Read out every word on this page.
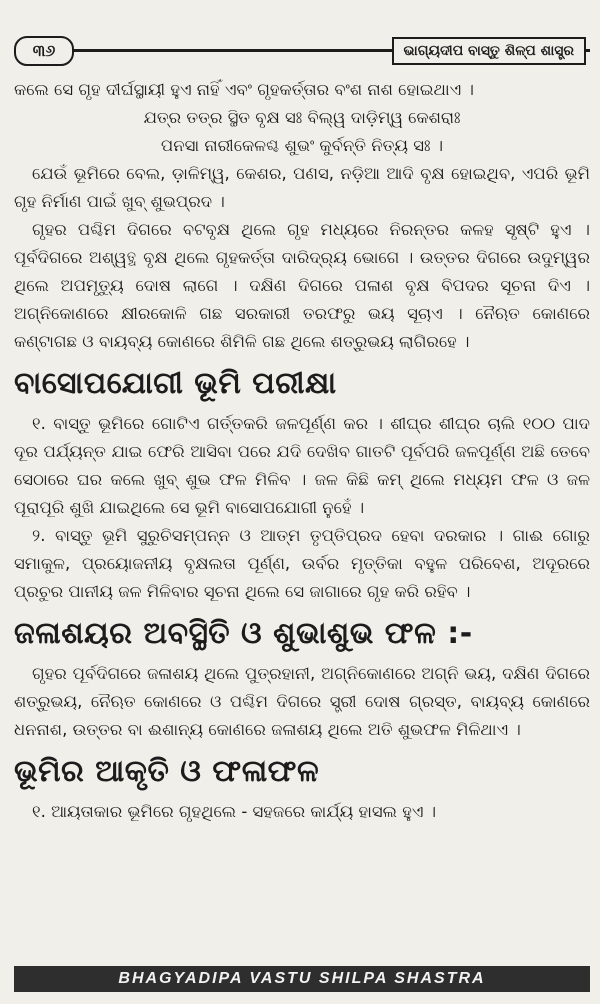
୩୬	ଭାଗ୍ୟଦୀପ ବାସ୍ତୁ ଶିଳ୍ପ ଶାସ୍ତ୍ର

କଲେ ସେ ଗୃହ ଦୀର୍ଘସ୍ଥାୟୀ ହୁଏ ନାହିଁ ଏବଂ ଗୃହକର୍ତ୍ତାର ବଂଶ ନାଶ ହୋଇଥାଏ ।

ଯତ୍ର ତତ୍ର ସ୍ଥିତ ବୃକ୍ଷ ସଃ ବିଲ୍ୱ ଦାଡ଼ିମ୍ୱ କେଶରାଃ

ପନସା ନାରୀକେଳଶ୍ଚ ଶୁଭଂ କୁର୍ବନ୍ତି ନିତ୍ୟ ସଃ ।

ଯେଉଁ ଭୂମିରେ ବେଲ, ଡ଼ାଳିମ୍ୱ, କେଶର, ପଣସ, ନଡ଼ିଆ ଆଦି ବୃକ୍ଷ ହୋଇଥିବ, ଏପରି ଭୂମି ଗୃହ ନିର୍ମାଣ ପାଇଁ ଖୁବ୍ ଶୁଭପ୍ରଦ ।

ଗୃହର ପଶ୍ଚିମ ଦିଗରେ ବଟବୃକ୍ଷ ଥିଲେ ଗୃହ ମଧ୍ୟରେ ନିରନ୍ତର କଳହ ସୃଷ୍ଟି ହୁଏ । ପୂର୍ବଦିଗରେ ଅଶ୍ୱତ୍ଥ ବୃକ୍ଷ ଥିଲେ ଗୃହକର୍ତ୍ତା ଦାରିଦ୍ର୍ୟ ଭୋଗେ । ଉତ୍ତର ଦିଗରେ ଉଦୁମ୍ୱର ଥିଲେ ଅପମୃତ୍ୟୁ ଦୋଷ ଲାଗେ । ଦକ୍ଷିଣ ଦିଗରେ ପଳାଶ ବୃକ୍ଷ ବିପଦର ସୂଚନା ଦିଏ । ଅଗ୍ନିକୋଣରେ କ୍ଷୀରକୋଳି ଗଛ ସରକାରୀ ତରଫରୁ ଭୟ ସୂଚାଏ । ନୈଋତ କୋଣରେ କଣ୍ଟାଗଛ ଓ ବାୟବ୍ୟ କୋଣରେ ଶିମିଳି ଗଛ ଥିଲେ ଶତ୍ରୁଭୟ ଲାଗିରହେ ।

ବାସୋପଯୋଗୀ ଭୂମି ପରୀକ୍ଷା

୧. ବାସ୍ତୁ ଭୂମିରେ ଗୋଟିଏ ଗର୍ତ୍ତକରି ଜଳପୂର୍ଣ୍ଣ କର । ଶୀଘ୍ର ଶୀଘ୍ର ଚାଲି ୧୦୦ ପାଦ ଦୂର ପର୍ଯ୍ୟନ୍ତ ଯାଇ ଫେରି ଆସିବା ପରେ ଯଦି ଦେଖିବ ଗାତଟି ପୂର୍ବପରି ଜଳପୂର୍ଣ୍ଣ ଅଛି ତେବେ ସେଠାରେ ଘର କଲେ ଖୁବ୍ ଶୁଭ ଫଳ ମିଳିବ । ଜଳ କିଛି କମ୍ ଥିଲେ ମଧ୍ୟମ ଫଳ ଓ ଜଳ ପୂରାପୂରି ଶୁଖି ଯାଇଥିଲେ ସେ ଭୂମି ବାସୋପଯୋଗୀ ନୁହେଁ ।

୨. ବାସ୍ତୁ ଭୂମି ସୁରୁଚିସମ୍ପନ୍ନ ଓ ଆତ୍ମ ତୃପ୍ତିପ୍ରଦ ହେବା ଦରକାର । ଗାଈ ଗୋରୁ ସମାକୁଳ, ପ୍ରୟୋଜନୀୟ ବୃକ୍ଷଲତା ପୂର୍ଣ୍ଣ, ଉର୍ବର ମୃତ୍ତିକା ବହୁଳ ପରିବେଶ, ଅଦୂରରେ ପ୍ରଚୁର ପାନୀୟ ଜଳ ମିଳିବାର ସୂଚନା ଥିଲେ ସେ ଜାଗାରେ ଗୃହ କରି ରହିବ ।

ଜଳାଶୟର ଅବସ୍ଥିତି ଓ ଶୁଭାଶୁଭ ଫଳ :-

ଗୃହର ପୂର୍ବଦିଗରେ ଜଳାଶୟ ଥିଲେ ପୁତ୍ରହାନୀ, ଅଗ୍ନିକୋଣରେ ଅଗ୍ନି ଭୟ, ଦକ୍ଷିଣ ଦିଗରେ ଶତ୍ରୁଭୟ, ନୈଋତ କୋଣରେ ଓ ପଶ୍ଚିମ ଦିଗରେ ସ୍ତ୍ରୀ ଦୋଷ ଗ୍ରସ୍ତ, ବାୟବ୍ୟ କୋଣରେ ଧନନାଶ, ଉତ୍ତର ବା ଈଶାନ୍ୟ କୋଣରେ ଜଳାଶୟ ଥିଲେ ଅତି ଶୁଭଫଳ ମିଳିଥାଏ ।

ଭୂମିର ଆକୃତି ଓ ଫଳାଫଳ

୧. ଆୟତାକାର ଭୂମିରେ ଗୃହଥିଲେ - ସହଜରେ କାର୍ଯ୍ୟ ହାସଲ ହୁଏ ।

BHAGYADIPA VASTU SHILPA SHASTRA
